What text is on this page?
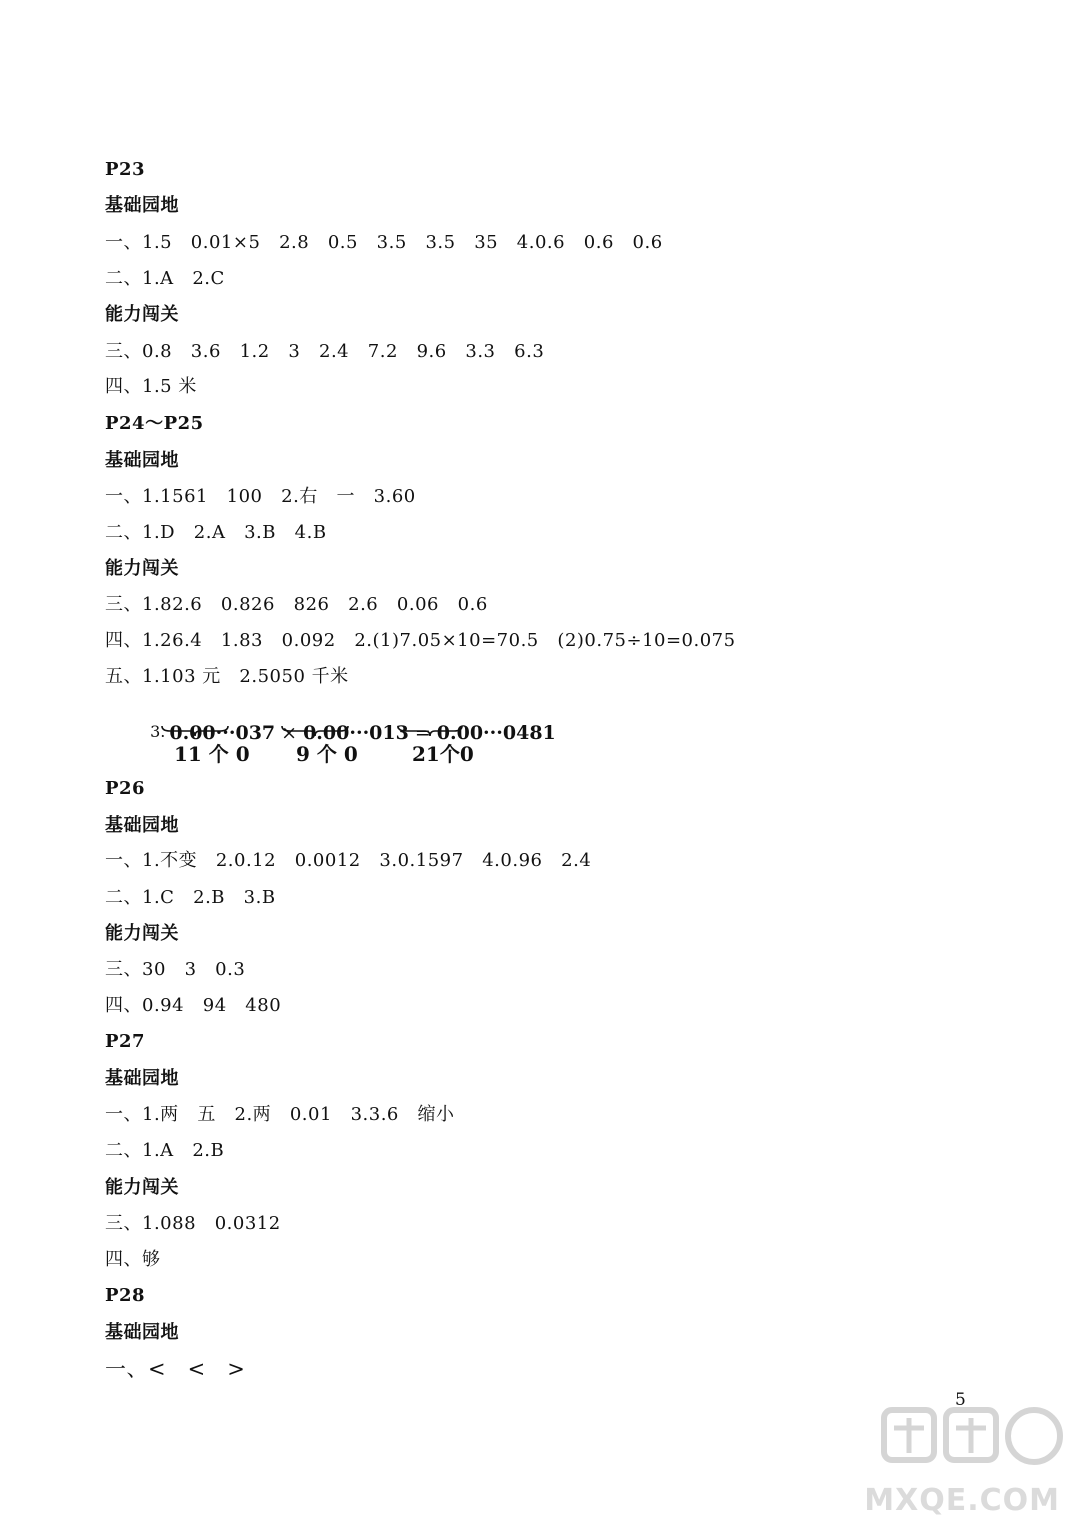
P23
基础园地
一、1.5   0.01×5   2.8   0.5   3.5   3.5   35   4.0.6   0.6   0.6
二、1.A   2.C
能力闯关
三、0.8   3.6   1.2   3   2.4   7.2   9.6   3.3   6.3
四、1.5 米
P24～P25
基础园地
一、1.1561   100   2.右   一   3.60
二、1.D   2.A   3.B   4.B
能力闯关
三、1.82.6   0.826   826   2.6   0.06   0.6
四、1.26.4   1.83   0.092   2.(1)7.05×10=70.5   (2)0.75÷10=0.075
五、1.103 元   2.5050 千米
P26
基础园地
一、1.不变   2.0.12   0.0012   3.0.1597   4.0.96   2.4
二、1.C   2.B   3.B
能力闯关
三、30   3   0.3
四、0.94   94   480
P27
基础园地
一、1.两   五   2.两   0.01   3.3.6   缩小
二、1.A   2.B
能力闯关
三、1.088   0.0312
四、够
P28
基础园地
一、<   <   >

3. 0.00···037 × 0.00···013 = 0.00···0481

11 个 0 9 个 0	21个0
5
MXQE.COM
